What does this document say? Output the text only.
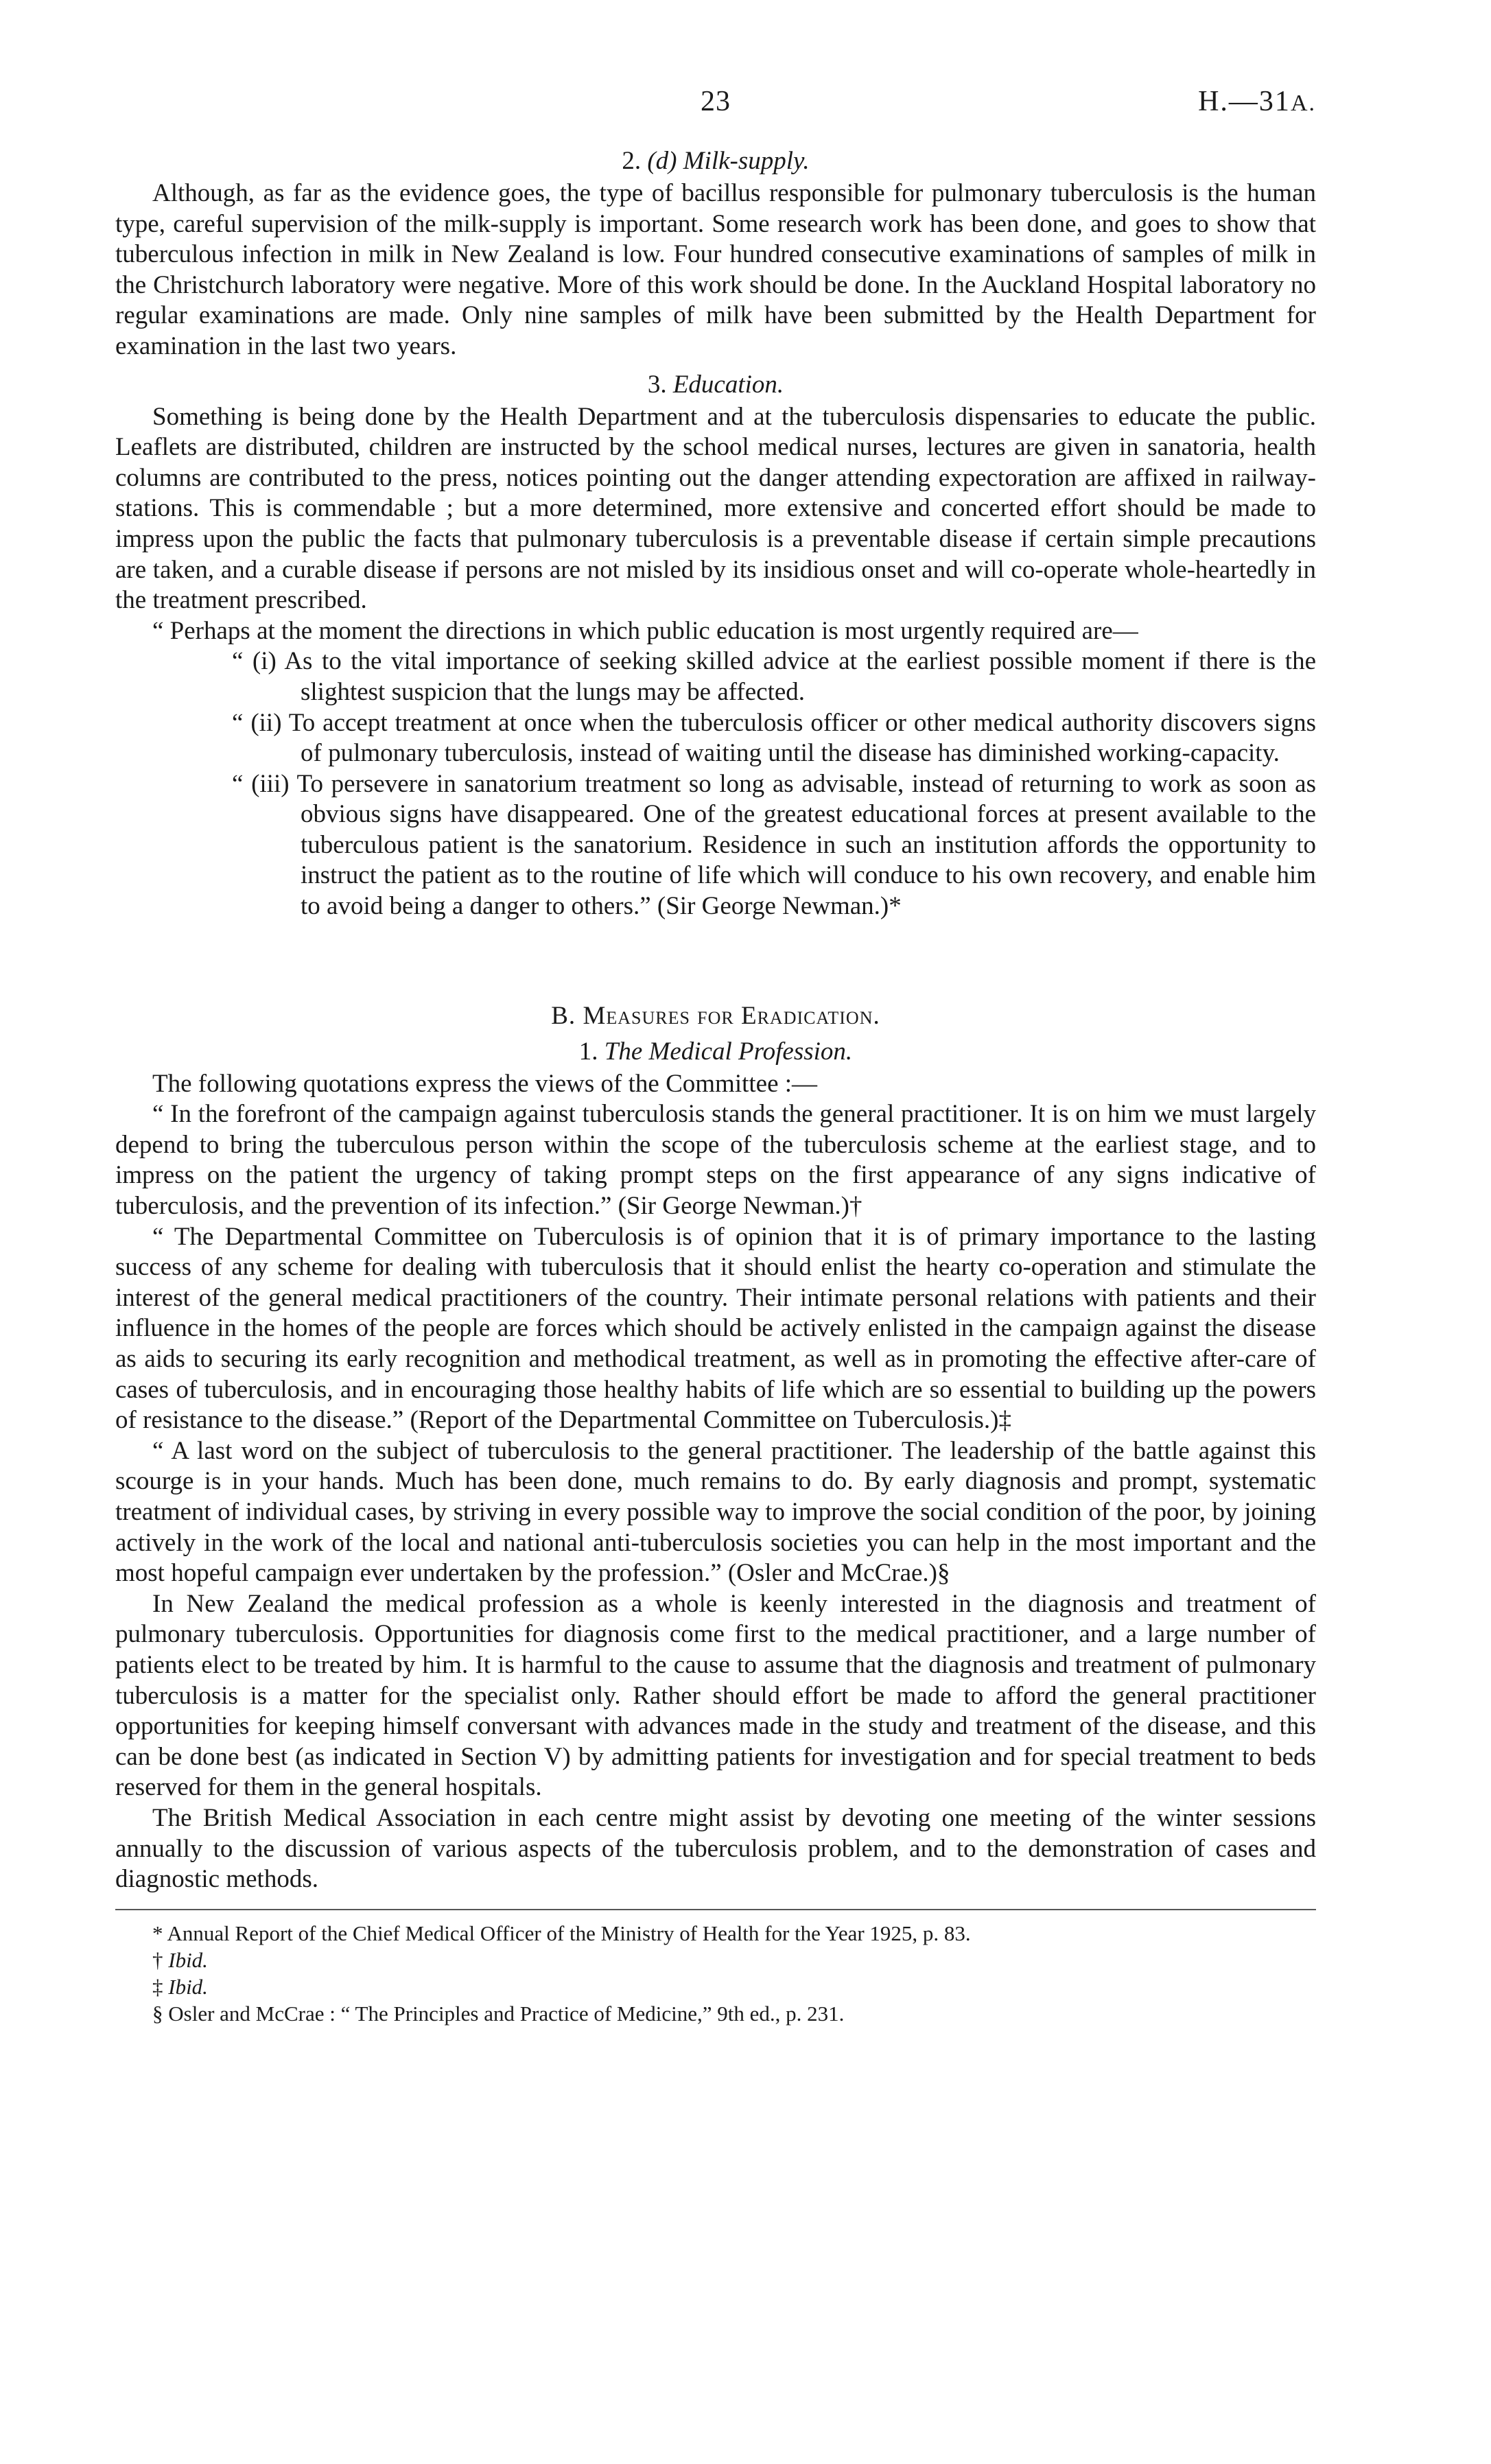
23	H.—31A.
2. (d) Milk-supply.

Although, as far as the evidence goes, the type of bacillus responsible for pulmonary tuberculosis is the human type, careful supervision of the milk-supply is important. Some research work has been done, and goes to show that tuberculous infection in milk in New Zealand is low. Four hundred consecutive examinations of samples of milk in the Christchurch laboratory were negative. More of this work should be done. In the Auckland Hospital laboratory no regular examinations are made. Only nine samples of milk have been submitted by the Health Department for examination in the last two years.

3. Education.

Something is being done by the Health Department and at the tuberculosis dispensaries to educate the public. Leaflets are distributed, children are instructed by the school medical nurses, lectures are given in sanatoria, health columns are contributed to the press, notices pointing out the danger attending expectoration are affixed in railway-stations. This is commendable ; but a more determined, more extensive and concerted effort should be made to impress upon the public the facts that pulmonary tuberculosis is a preventable disease if certain simple precautions are taken, and a curable disease if persons are not misled by its insidious onset and will co-operate whole-heartedly in the treatment prescribed.

“ Perhaps at the moment the directions in which public education is most urgently required are—

“ (i) As to the vital importance of seeking skilled advice at the earliest possible moment if there is the slightest suspicion that the lungs may be affected.
“ (ii) To accept treatment at once when the tuberculosis officer or other medical authority discovers signs of pulmonary tuberculosis, instead of waiting until the disease has diminished working-capacity.
“ (iii) To persevere in sanatorium treatment so long as advisable, instead of returning to work as soon as obvious signs have disappeared. One of the greatest educational forces at present available to the tuberculous patient is the sanatorium. Residence in such an institution affords the opportunity to instruct the patient as to the routine of life which will conduce to his own recovery, and enable him to avoid being a danger to others.” (Sir George Newman.)*
B. Measures for Eradication.
1. The Medical Profession.

The following quotations express the views of the Committee :—

“ In the forefront of the campaign against tuberculosis stands the general practitioner. It is on him we must largely depend to bring the tuberculous person within the scope of the tuberculosis scheme at the earliest stage, and to impress on the patient the urgency of taking prompt steps on the first appearance of any signs indicative of tuberculosis, and the prevention of its infection.” (Sir George Newman.)†

“ The Departmental Committee on Tuberculosis is of opinion that it is of primary importance to the lasting success of any scheme for dealing with tuberculosis that it should enlist the hearty co-operation and stimulate the interest of the general medical practitioners of the country. Their intimate personal relations with patients and their influence in the homes of the people are forces which should be actively enlisted in the campaign against the disease as aids to securing its early recognition and methodical treatment, as well as in promoting the effective after-care of cases of tuberculosis, and in encouraging those healthy habits of life which are so essential to building up the powers of resistance to the disease.” (Report of the Departmental Committee on Tuberculosis.)‡

“ A last word on the subject of tuberculosis to the general practitioner. The leadership of the battle against this scourge is in your hands. Much has been done, much remains to do. By early diagnosis and prompt, systematic treatment of individual cases, by striving in every possible way to improve the social condition of the poor, by joining actively in the work of the local and national anti-tuberculosis societies you can help in the most important and the most hopeful campaign ever undertaken by the profession.” (Osler and McCrae.)§

In New Zealand the medical profession as a whole is keenly interested in the diagnosis and treatment of pulmonary tuberculosis. Opportunities for diagnosis come first to the medical practitioner, and a large number of patients elect to be treated by him. It is harmful to the cause to assume that the diagnosis and treatment of pulmonary tuberculosis is a matter for the specialist only. Rather should effort be made to afford the general practitioner opportunities for keeping himself conversant with advances made in the study and treatment of the disease, and this can be done best (as indicated in Section V) by admitting patients for investigation and for special treatment to beds reserved for them in the general hospitals.

The British Medical Association in each centre might assist by devoting one meeting of the winter sessions annually to the discussion of various aspects of the tuberculosis problem, and to the demonstration of cases and diagnostic methods.

* Annual Report of the Chief Medical Officer of the Ministry of Health for the Year 1925, p. 83.
† Ibid.
‡ Ibid.
§ Osler and McCrae : “ The Principles and Practice of Medicine,” 9th ed., p. 231.
